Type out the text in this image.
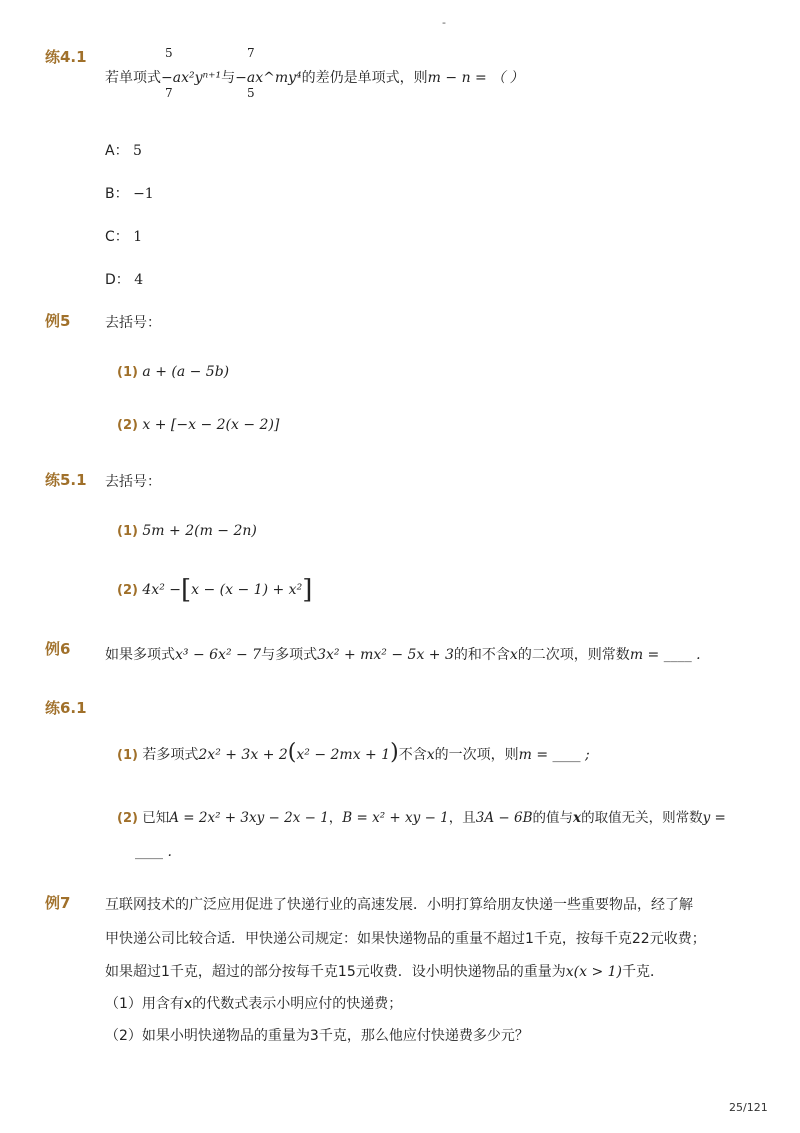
-
练4.1	5
7
7
5
若单项式−ax²yⁿ⁺¹与−ax^my⁴的差仍是单项式，则m − n = （ ）
A： 5
B： −1
C： 1
D： 4
例5 去括号：
(1) a + (a − 5b)
(2) x + [−x − 2(x − 2)]
练5.1 去括号：
(1) 5m + 2(m − 2n)
(2) 4x² −[x − (x − 1) + x²]
例6 如果多项式x³ − 6x² − 7与多项式3x² + mx² − 5x + 3的和不含x的二次项，则常数m = ____ .
练6.1
(1) 若多项式2x² + 3x + 2(x² − 2mx + 1)不含x的一次项，则m = ____ ;
(2) 已知A = 2x² + 3xy − 2x − 1，B = x² + xy − 1，且3A − 6B的值与x的取值无关，则常数y =
____ .
例7 互联网技术的广泛应用促进了快递行业的高速发展．小明打算给朋友快递一些重要物品，经了解
甲快递公司比较合适．甲快递公司规定：如果快递物品的重量不超过1千克，按每千克22元收费；
如果超过1千克，超过的部分按每千克15元收费．设小明快递物品的重量为x(x > 1)千克．
（1）用含有x的代数式表示小明应付的快递费；
（2）如果小明快递物品的重量为3千克，那么他应付快递费多少元？
25/121
